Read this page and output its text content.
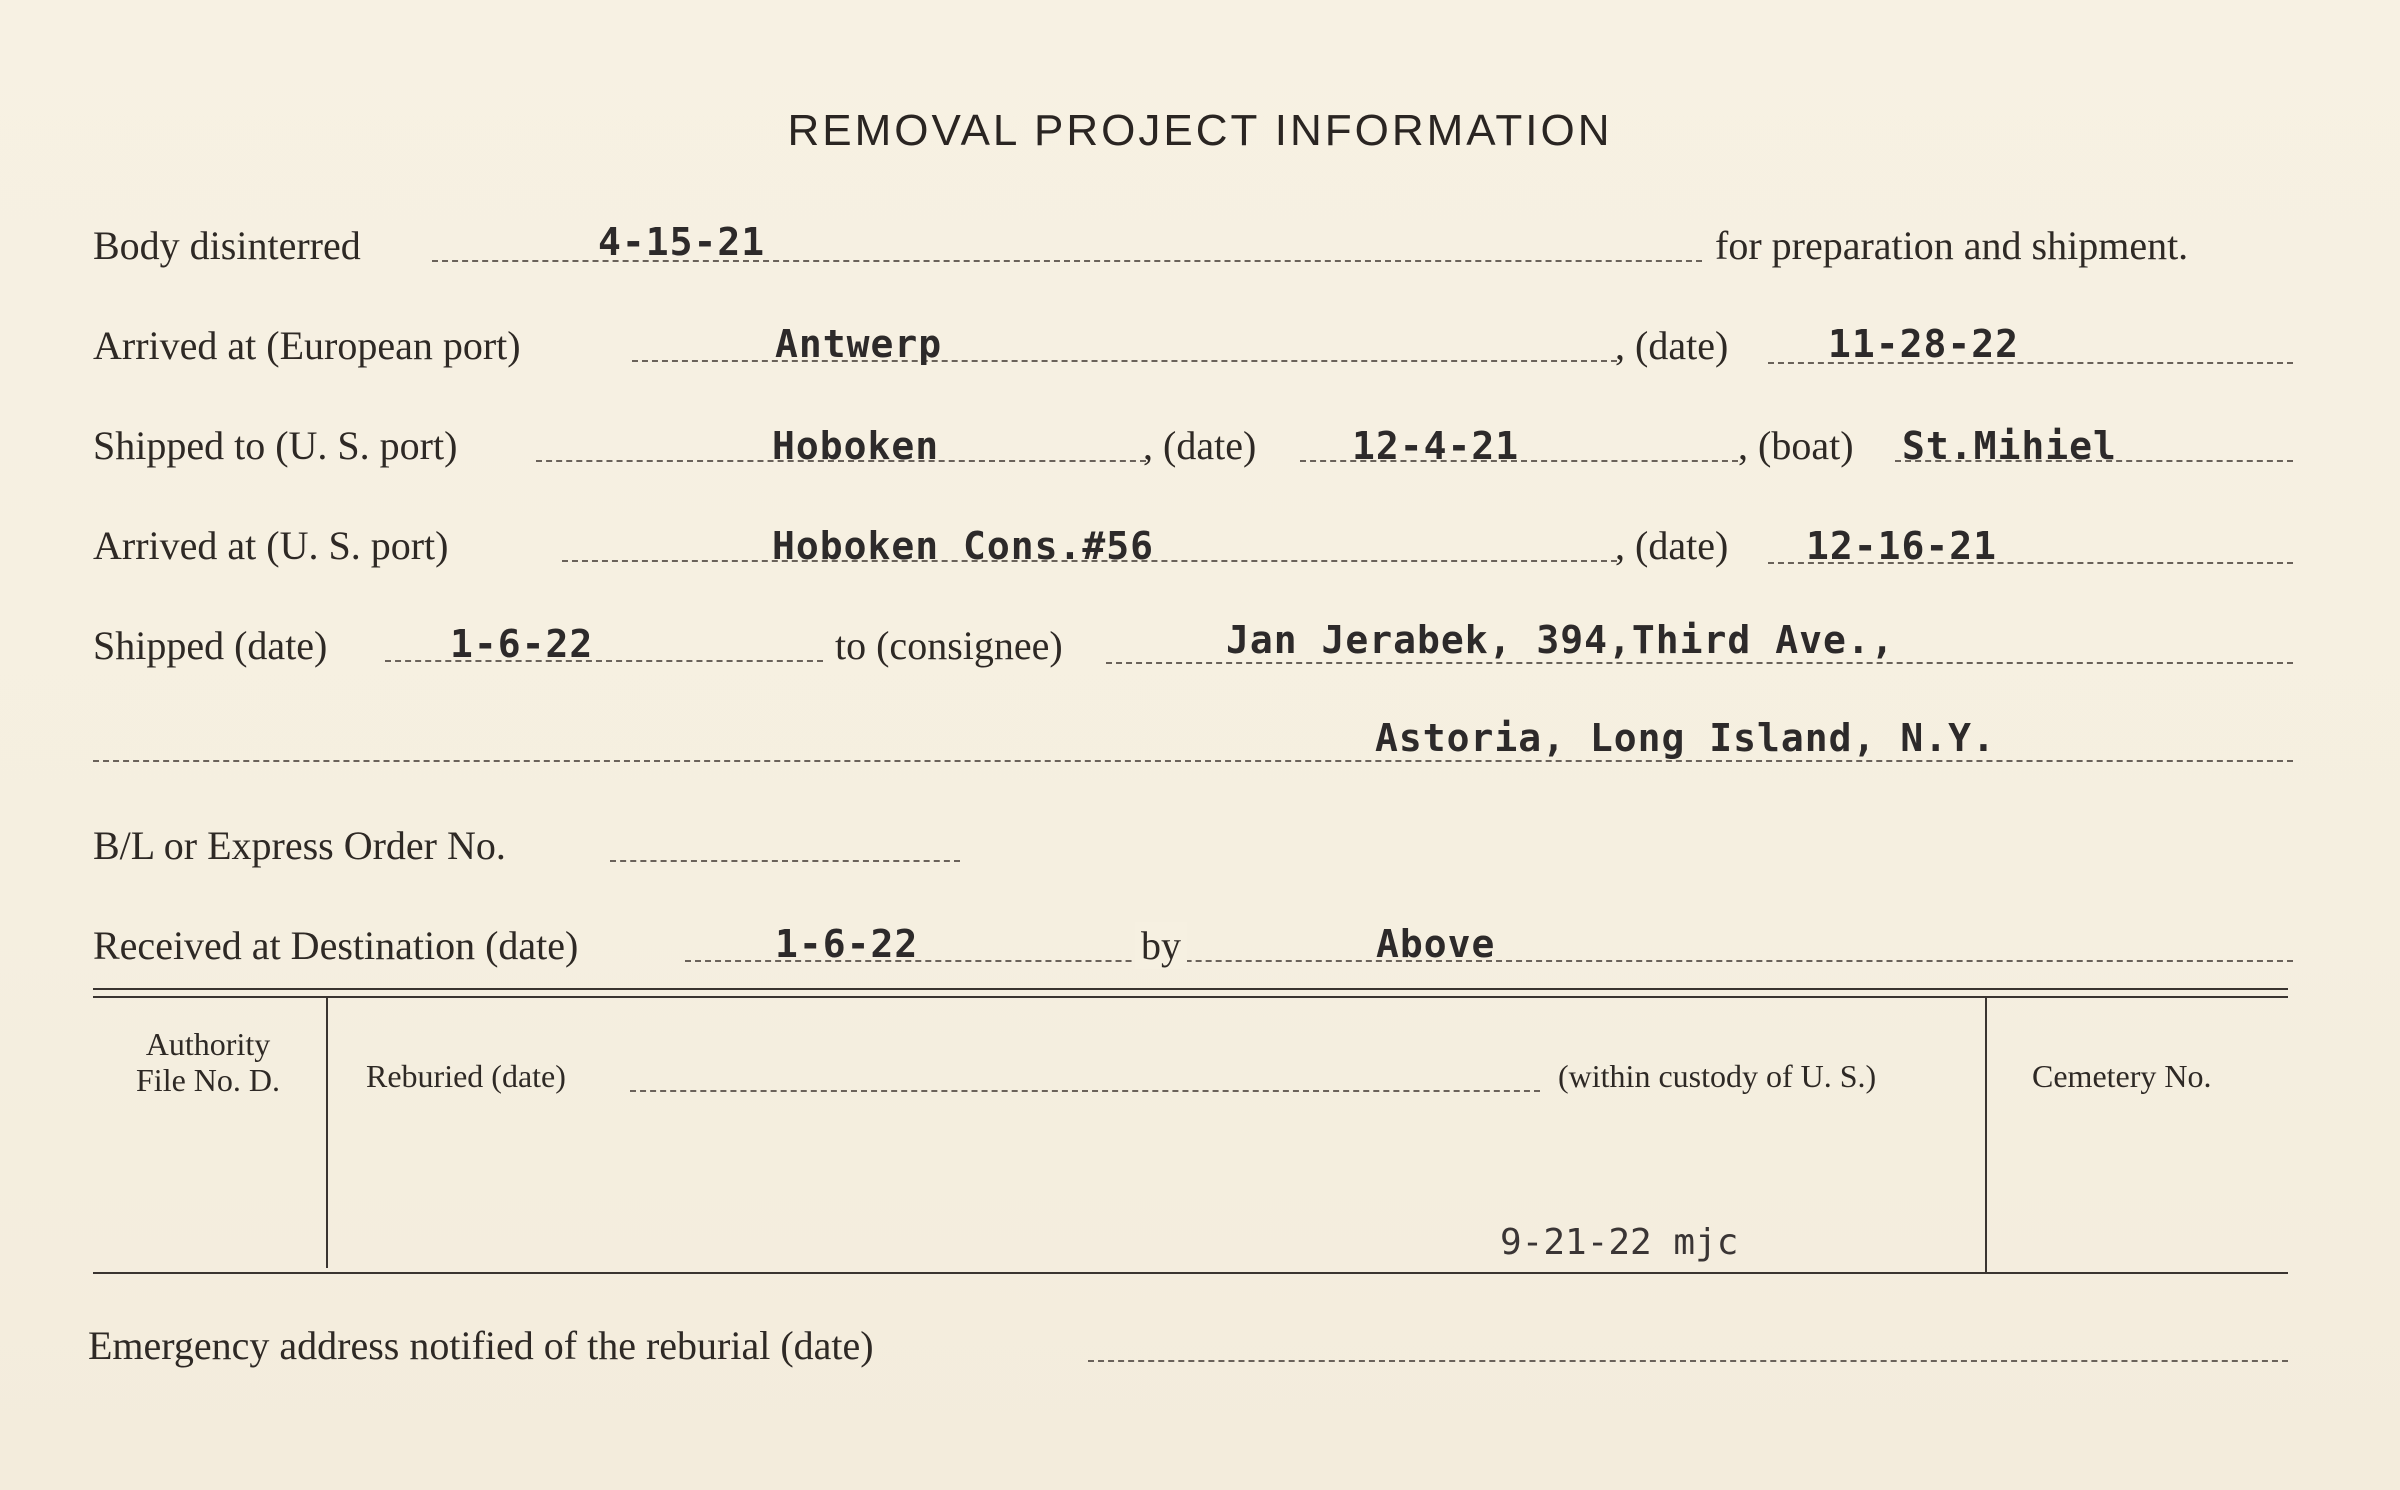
REMOVAL PROJECT INFORMATION
Body disinterred	4-15-21	for preparation and shipment.
Arrived at (European port)	Antwerp	, (date)	11-28-22
Shipped to (U. S. port)	Hoboken	, (date)	12-4-21	, (boat) St.Mihiel
Arrived at (U. S. port)	Hoboken Cons.#56	, (date) 12-16-21
Shipped (date)	1-6-22	to (consignee)	Jan Jerabek, 394,Third Ave.,
Astoria, Long Island, N.Y.
B/L or Express Order No.
Received at Destination (date)	1-6-22	by	Above
Authority
File No. D.	Reburied (date)	(within custody of U. S.)	Cemetery No.
9-21-22 mjc
Emergency address notified of the reburial (date)
